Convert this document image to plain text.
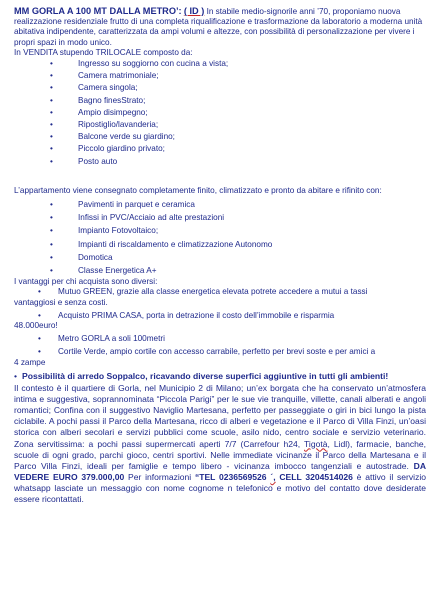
MM GORLA A 100 MT DALLA METRO’: ( ID ) In stabile medio-signorile anni ’70, proponiamo nuova realizzazione residenziale frutto di una completa riqualificazione e trasformazione da laboratorio a moderna unità abitativa indipendente, caratterizzata da ampi volumi e altezze, con possibilità di personalizzazione per vivere i propri spazi in modo unico.

In VENDITA stupendo TRILOCALE composto da:

•	Ingresso su soggiorno con cucina a vista;
•	Camera matrimoniale;
•	Camera singola;
•	Bagno finesStrato;
•	Ampio disimpegno;
•	Ripostiglio/lavanderia;
•	Balcone verde su giardino;
•	Piccolo giardino privato;
•	Posto auto

L’appartamento viene consegnato completamente finito, climatizzato e pronto da abitare e rifinito con:

•	Pavimenti in parquet e ceramica
•	Infissi in PVC/Acciaio ad alte prestazioni
•	Impianto Fotovoltaico;
•	Impianti di riscaldamento e climatizzazione Autonomo
•	Domotica
•	Classe Energetica A+

I vantaggi per chi acquista sono diversi:

• Mutuo GREEN, grazie alla classe energetica elevata potrete accedere a mutui a tassi
vantaggiosi e senza costi.

• Acquisto PRIMA CASA, porta in detrazione il costo dell’immobile e risparmia
48.000euro!

• Metro GORLA a soli 100metri

• Cortile Verde, ampio cortile con accesso carrabile, perfetto per brevi soste e per amici a
4 zampe

• Possibilità di arredo Soppalco, ricavando diverse superfici aggiuntive in tutti gli ambienti!

Il contesto è il quartiere di Gorla, nel Municipio 2 di Milano; un’ex borgata che ha conservato un’atmosfera intima e suggestiva, soprannominata “Piccola Parigi” per le sue vie tranquille, villette, canali alberati e angoli romantici; Confina con il suggestivo Naviglio Martesana, perfetto per passeggiate o giri in bici lungo la pista ciclabile. A pochi passi il Parco della Martesana, ricco di alberi e vegetazione e il Parco di Villa Finzi, un’oasi storica con alberi secolari e servizi pubblici come scuole, asilo nido, centro sociale e servizio veterinario. Zona servitissima: a pochi passi supermercati aperti 7/7 (Carrefour h24, Tigotà, Lidl), farmacie, banche, scuole di ogni grado, parchi gioco, centri sportivi. Nelle immediate vicinanze il Parco della Martesana e il Parco Villa Finzi, ideali per famiglie e tempo libero - vicinanza imbocco tangenziali e autostrade. DA VEDERE EURO 379.000,00 Per informazioni “TEL 0236569526 ´, CELL 3204514026 è attivo il servizio whatsapp lasciate un messaggio con nome cognome n telefonico e motivo del contatto dove desiderate essere ricontattati.
